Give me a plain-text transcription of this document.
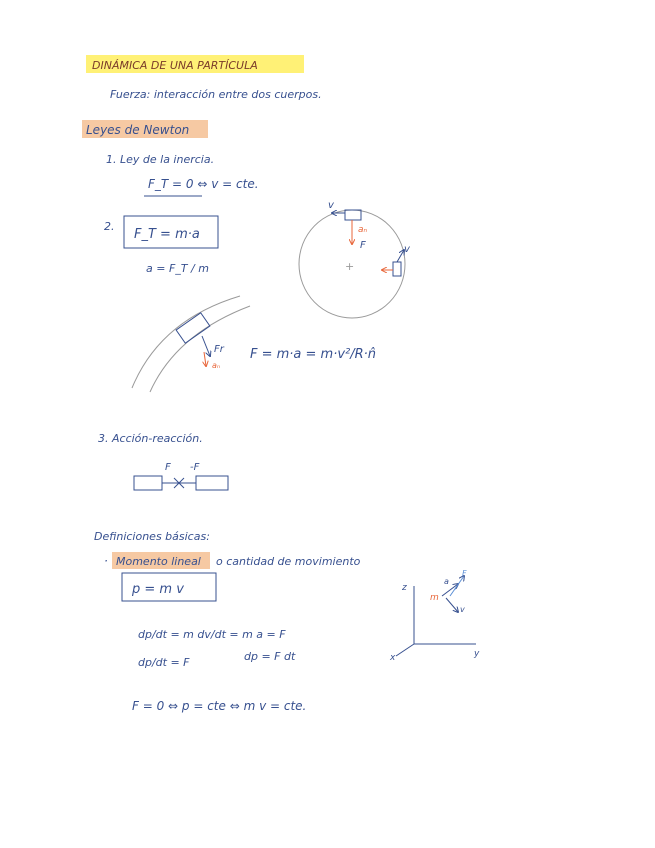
DINÁMICA DE UNA PARTÍCULA
Fuerza: interacción entre dos cuerpos.
Leyes de Newton
1. Ley de la inercia.
F_T = 0 ⇔ v = cte.
2.
F_T = m·a
a = F_T / m	+
v
aₙ
F	v
Fr
aₙ
F = m·a = m·v²/R·n̂
3. Acción-reacción.
F -F
Definiciones básicas:
· Momento lineal o cantidad de movimiento
p = m v
dp/dt = m dv/dt = m a = F
dp/dt = F	dp = F dt
F = 0 ⇔ p = cte ⇔ m v = cte.
z
y
x
m
a
F
v
